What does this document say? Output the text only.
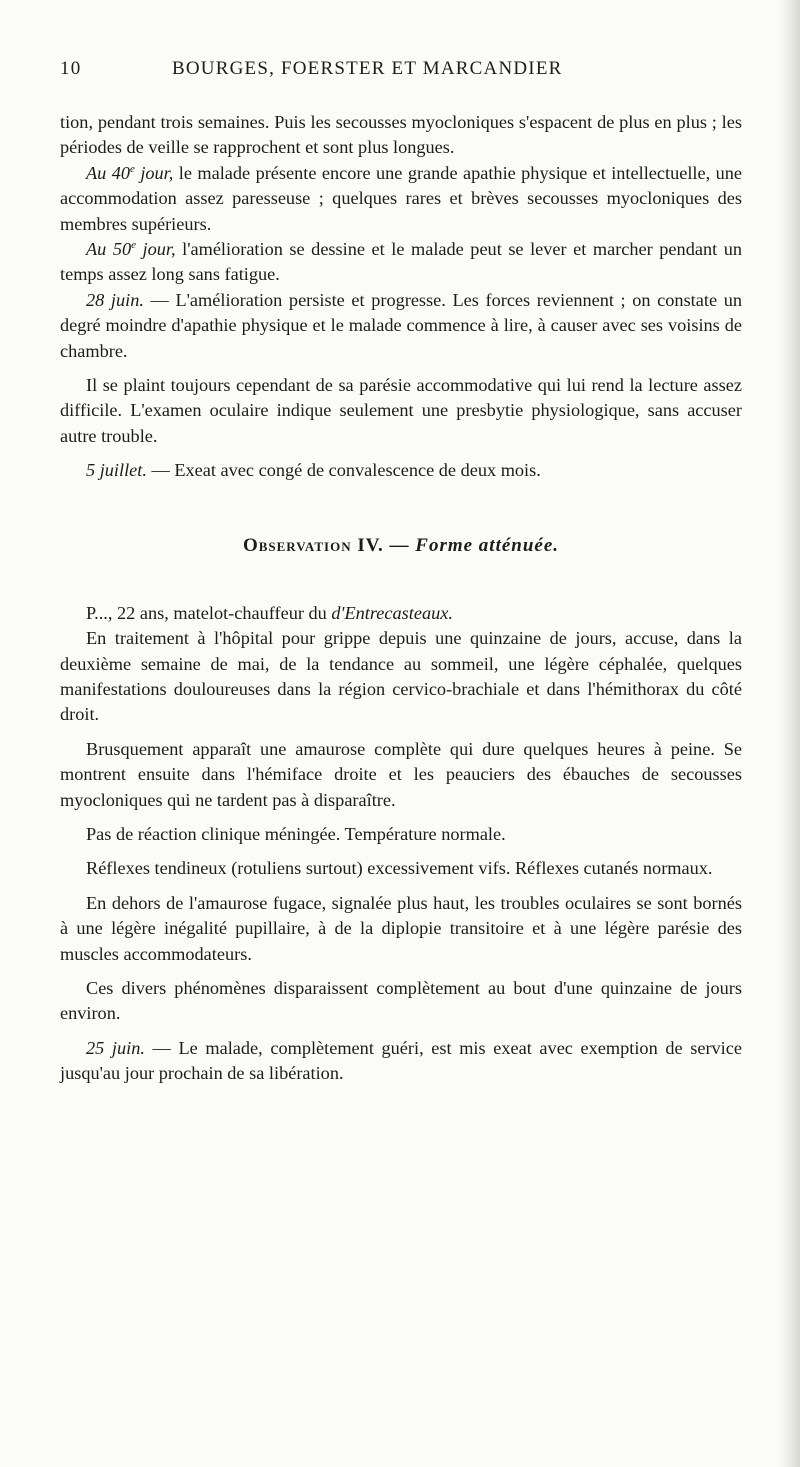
10	BOURGES, FOERSTER ET MARCANDIER

tion, pendant trois semaines. Puis les secousses myocloniques s'espacent de plus en plus ; les périodes de veille se rapprochent et sont plus longues.

Au 40e jour, le malade présente encore une grande apathie physique et intellectuelle, une accommodation assez paresseuse ; quelques rares et brèves secousses myocloniques des membres supérieurs.

Au 50e jour, l'amélioration se dessine et le malade peut se lever et marcher pendant un temps assez long sans fatigue.

28 juin. — L'amélioration persiste et progresse. Les forces reviennent ; on constate un degré moindre d'apathie physique et le malade commence à lire, à causer avec ses voisins de chambre.

Il se plaint toujours cependant de sa parésie accommodative qui lui rend la lecture assez difficile. L'examen oculaire indique seulement une presbytie physiologique, sans accuser autre trouble.

5 juillet. — Exeat avec congé de convalescence de deux mois.

Observation IV. — Forme atténuée.

P..., 22 ans, matelot-chauffeur du d'Entrecasteaux.

En traitement à l'hôpital pour grippe depuis une quinzaine de jours, accuse, dans la deuxième semaine de mai, de la tendance au sommeil, une légère céphalée, quelques manifestations douloureuses dans la région cervico-brachiale et dans l'hémithorax du côté droit.

Brusquement apparaît une amaurose complète qui dure quelques heures à peine. Se montrent ensuite dans l'hémiface droite et les peauciers des ébauches de secousses myocloniques qui ne tardent pas à disparaître.

Pas de réaction clinique méningée. Température normale.

Réflexes tendineux (rotuliens surtout) excessivement vifs. Réflexes cutanés normaux.

En dehors de l'amaurose fugace, signalée plus haut, les troubles oculaires se sont bornés à une légère inégalité pupillaire, à de la diplopie transitoire et à une légère parésie des muscles accommodateurs.

Ces divers phénomènes disparaissent complètement au bout d'une quinzaine de jours environ.

25 juin. — Le malade, complètement guéri, est mis exeat avec exemption de service jusqu'au jour prochain de sa libération.
